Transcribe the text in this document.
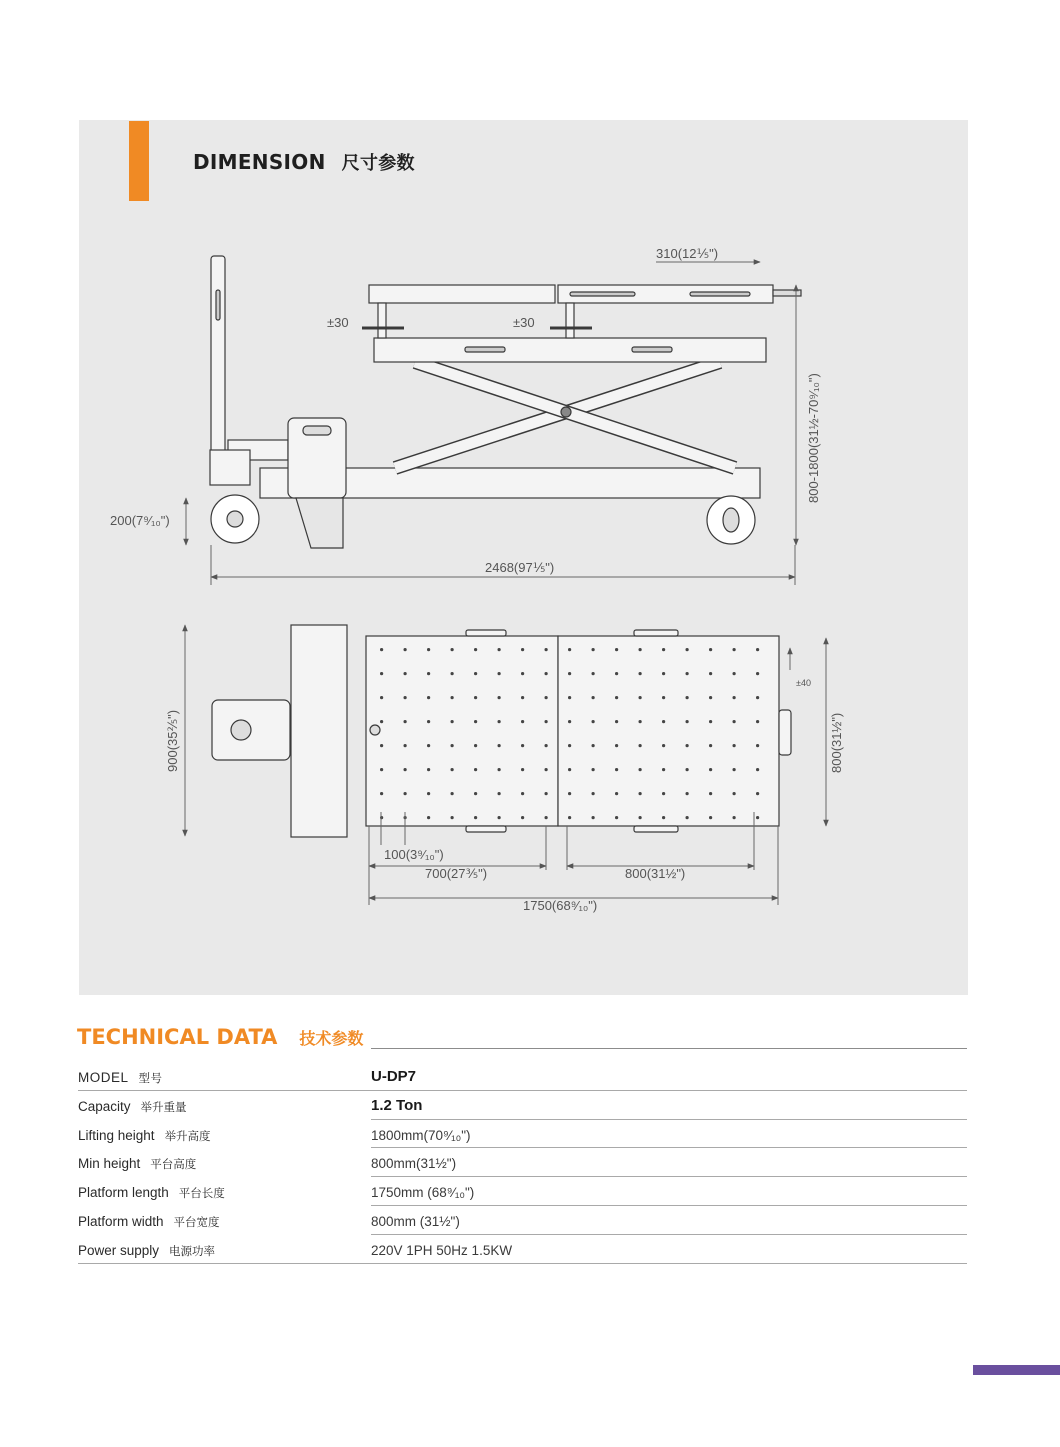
DIMENSION 尺寸参数
310(12⅕")
±30	±30
800-1800(31½-70⁹⁄₁₀")
200(7⁹⁄₁₀")
2468(97⅕")
900(35⅖")
±40
800(31½")
100(3⁹⁄₁₀")
700(27⅗")	800(31½")
1750(68⁹⁄₁₀")
TECHNICAL DATA 技术参数
MODEL 型号	U-DP7
Capacity 举升重量	1.2 Ton
Lifting height 举升高度	1800mm(70⁹⁄₁₀")
Min height 平台高度	800mm(31½")
Platform length 平台长度	1750mm (68⁹⁄₁₀")
Platform width 平台宽度	800mm (31½")
Power supply 电源功率	220V 1PH 50Hz 1.5KW
